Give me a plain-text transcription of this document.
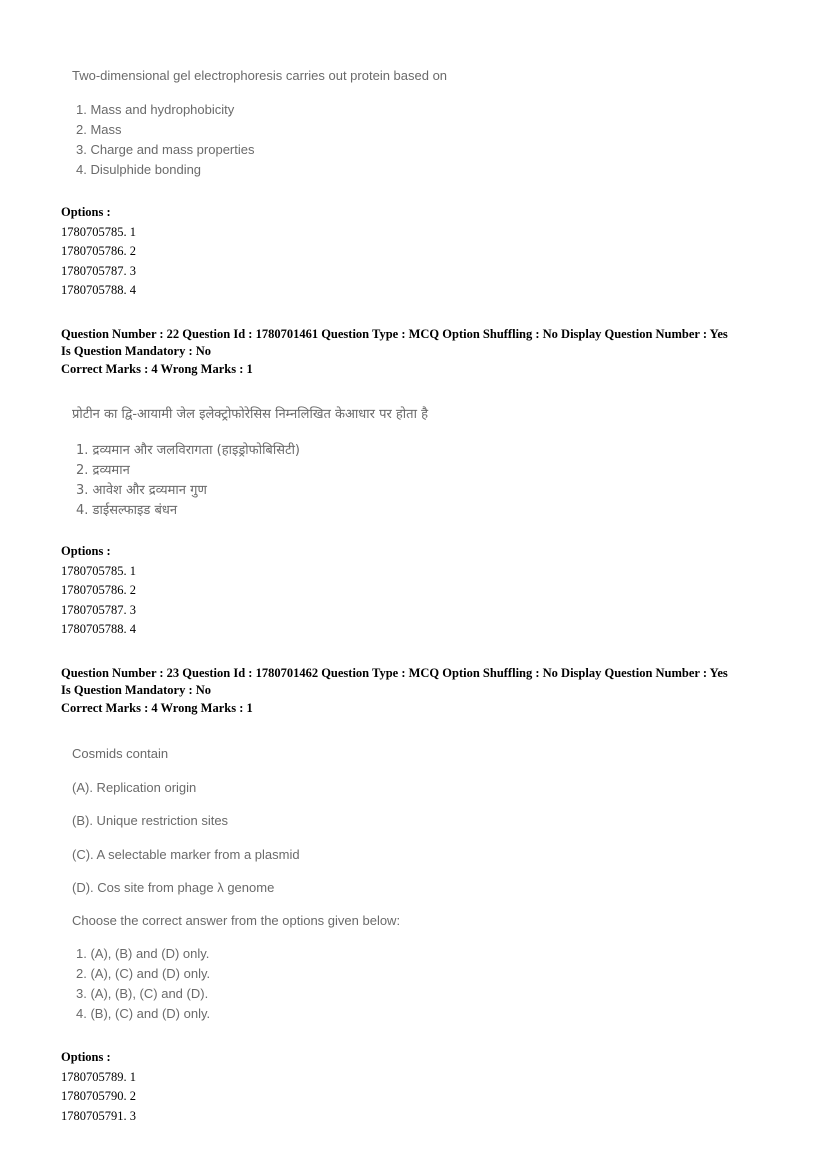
Two-dimensional gel electrophoresis carries out protein based on
1. Mass and hydrophobicity
2. Mass
3. Charge and mass properties
4. Disulphide bonding
Options :
1780705785. 1
1780705786. 2
1780705787. 3
1780705788. 4
Question Number : 22 Question Id : 1780701461 Question Type : MCQ Option Shuffling : No Display Question Number : Yes
Is Question Mandatory : No
Correct Marks : 4 Wrong Marks : 1
प्रोटीन का द्वि-आयामी जेल इलेक्ट्रोफोरेसिस निम्नलिखित केआधार पर होता है
1. द्रव्यमान और जलविरागता (हाइड्रोफोबिसिटी)
2. द्रव्यमान
3. आवेश और द्रव्यमान गुण
4. डाईसल्फाइड बंधन
Options :
1780705785. 1
1780705786. 2
1780705787. 3
1780705788. 4
Question Number : 23 Question Id : 1780701462 Question Type : MCQ Option Shuffling : No Display Question Number : Yes
Is Question Mandatory : No
Correct Marks : 4 Wrong Marks : 1
Cosmids contain
(A). Replication origin
(B). Unique restriction sites
(C). A selectable marker from a plasmid
(D). Cos site from phage λ genome
Choose the correct answer from the options given below:
1. (A), (B) and (D) only.
2. (A), (C) and (D) only.
3. (A), (B), (C) and (D).
4. (B), (C) and (D) only.
Options :
1780705789. 1
1780705790. 2
1780705791. 3
